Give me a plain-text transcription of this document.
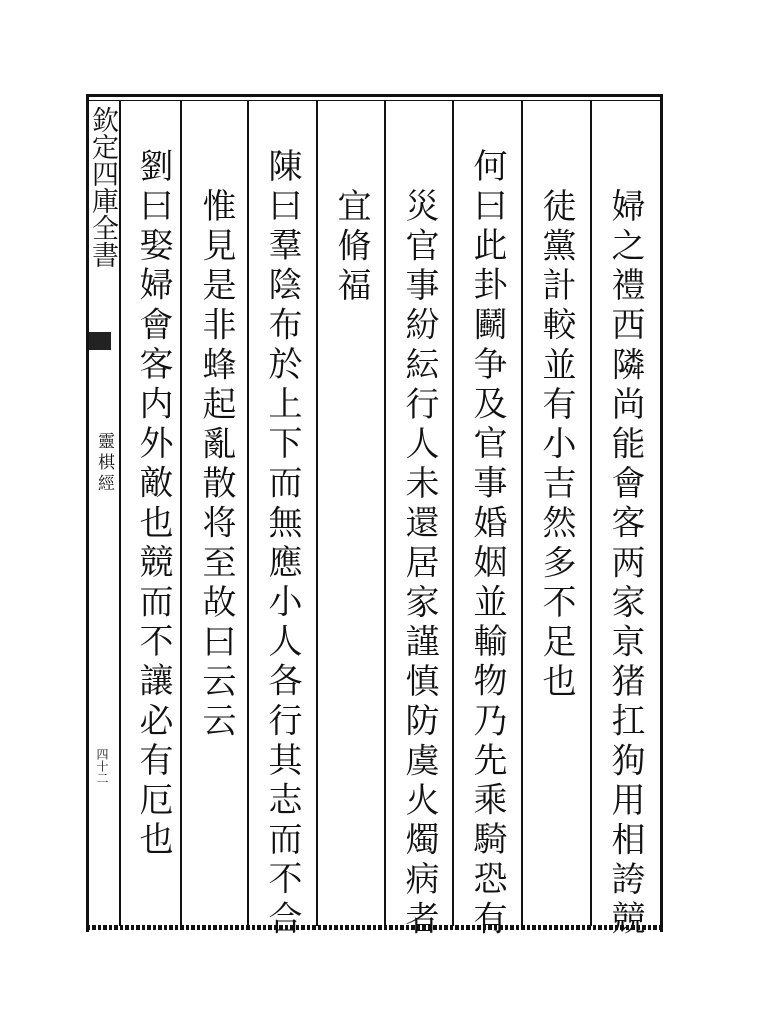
欽定四庫全書
靈棋經
四十二	婦之禮西隣尚能會客两家亰猪扛狗用相誇競
徒黨計較並有小吉然多不足也
何曰此卦鬬争及官事婚姻並輸物乃先乘騎恐有
災官事紛紜行人未還居家謹慎防虞火燭病者
宜脩福
陳曰羣陰布於上下而無應小人各行其志而不合
惟見是非蜂起亂散将至故曰云云
劉曰娶婦會客内外敵也競而不讓必有厄也
